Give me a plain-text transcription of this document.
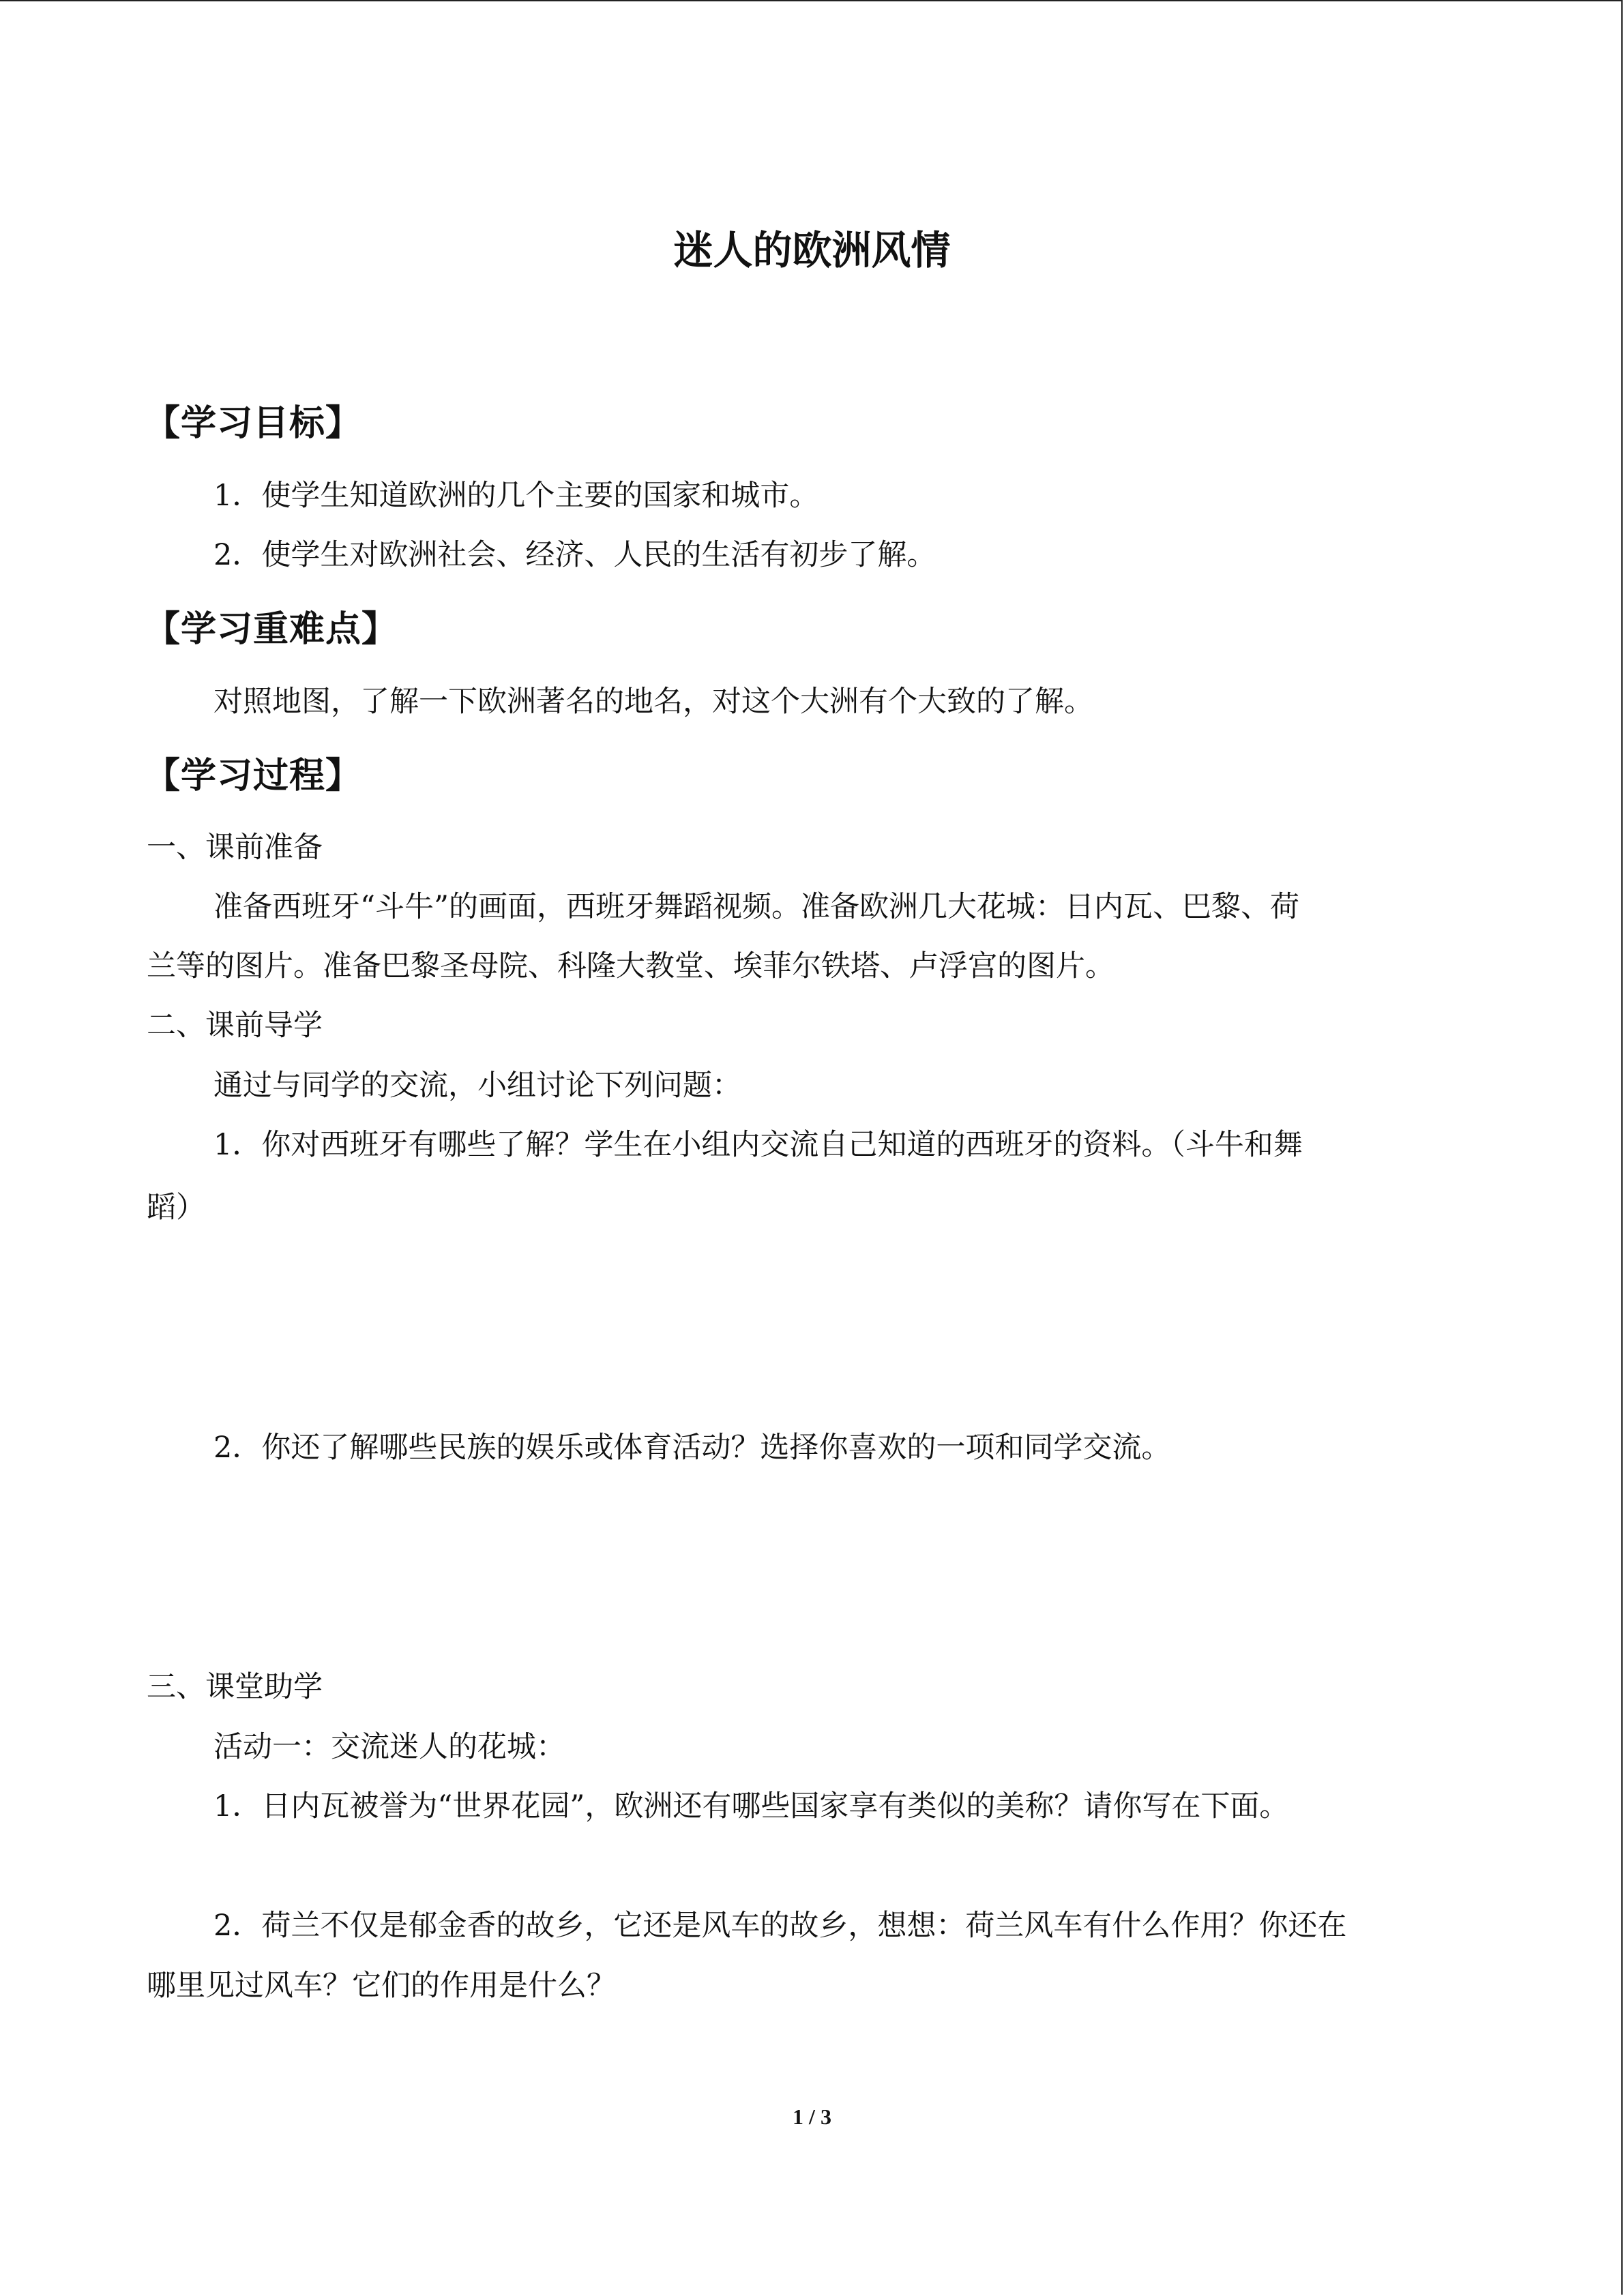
迷人的欧洲风情
【学习目标】
1．使学生知道欧洲的几个主要的国家和城市。
2．使学生对欧洲社会、经济、人民的生活有初步了解。
【学习重难点】
对照地图，了解一下欧洲著名的地名，对这个大洲有个大致的了解。
【学习过程】
一、课前准备
准备西班牙“斗牛”的画面，西班牙舞蹈视频。准备欧洲几大花城：日内瓦、巴黎、荷
兰等的图片。准备巴黎圣母院、科隆大教堂、埃菲尔铁塔、卢浮宫的图片。
二、课前导学
通过与同学的交流，小组讨论下列问题：
1．你对西班牙有哪些了解？学生在小组内交流自己知道的西班牙的资料。（斗牛和舞
蹈）
2．你还了解哪些民族的娱乐或体育活动？选择你喜欢的一项和同学交流。
三、课堂助学
活动一：交流迷人的花城：
1．日内瓦被誉为“世界花园”，欧洲还有哪些国家享有类似的美称？请你写在下面。
2．荷兰不仅是郁金香的故乡，它还是风车的故乡，想想：荷兰风车有什么作用？你还在
哪里见过风车？它们的作用是什么？
1 / 3
